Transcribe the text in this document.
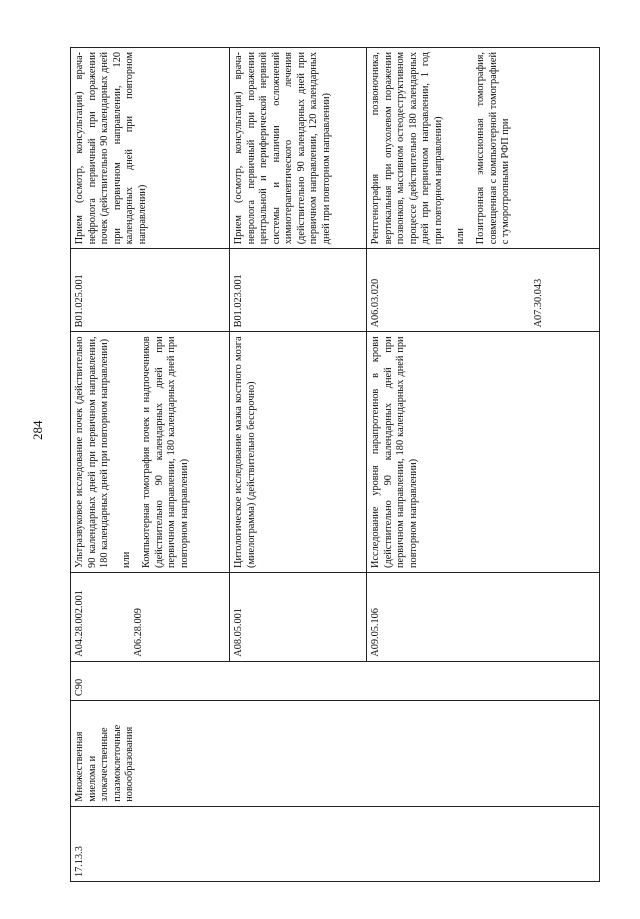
284
17.13.3	Множественная миелома и злокачественные плазмоклеточные новообразования	C90	A04.28.002.001 A06.28.009	Ультразвуковое исследование почек (действительно 90 календарных дней при первичном направлении, 180 календарных дней при повторном направлении) или Компьютерная томография почек и надпочечников (действительно 90 календарных дней при первичном направлении, 180 календарных дней при повторном направлении)	B01.025.001	Прием (осмотр, консультация) врача-нефролога первичный при поражении почек (действительно 90 календарных дней при первичном направлении, 120 календарных дней при повторном направлении)

			A08.05.001	Цитологическое исследование мазка костного мозга (миелограмма) (действительно бессрочно)	B01.023.001	Прием (осмотр, консультация) врача-невролога первичный при поражении центральной и периферической нервной системы и наличии осложнений химиотерапевтического лечения (действительно 90 календарных дней при первичном направлении, 120 календарных дней при повторном направлении)

			A09.05.106	Исследование уровня парапротеинов в крови (действительно 90 календарных дней при первичном направлении, 180 календарных дней при повторном направлении)	A06.03.020 A07.30.043	Рентгенография позвоночника, вертикальная при опухолевом поражении позвонков, массивном остеодеструктивном процессе (действительно 180 календарных дней при первичном направлении, 1 год при повторном направлении) или Позитронная эмиссионная томография, совмещенная с компьютерной томографией с туморотропными РФП при
